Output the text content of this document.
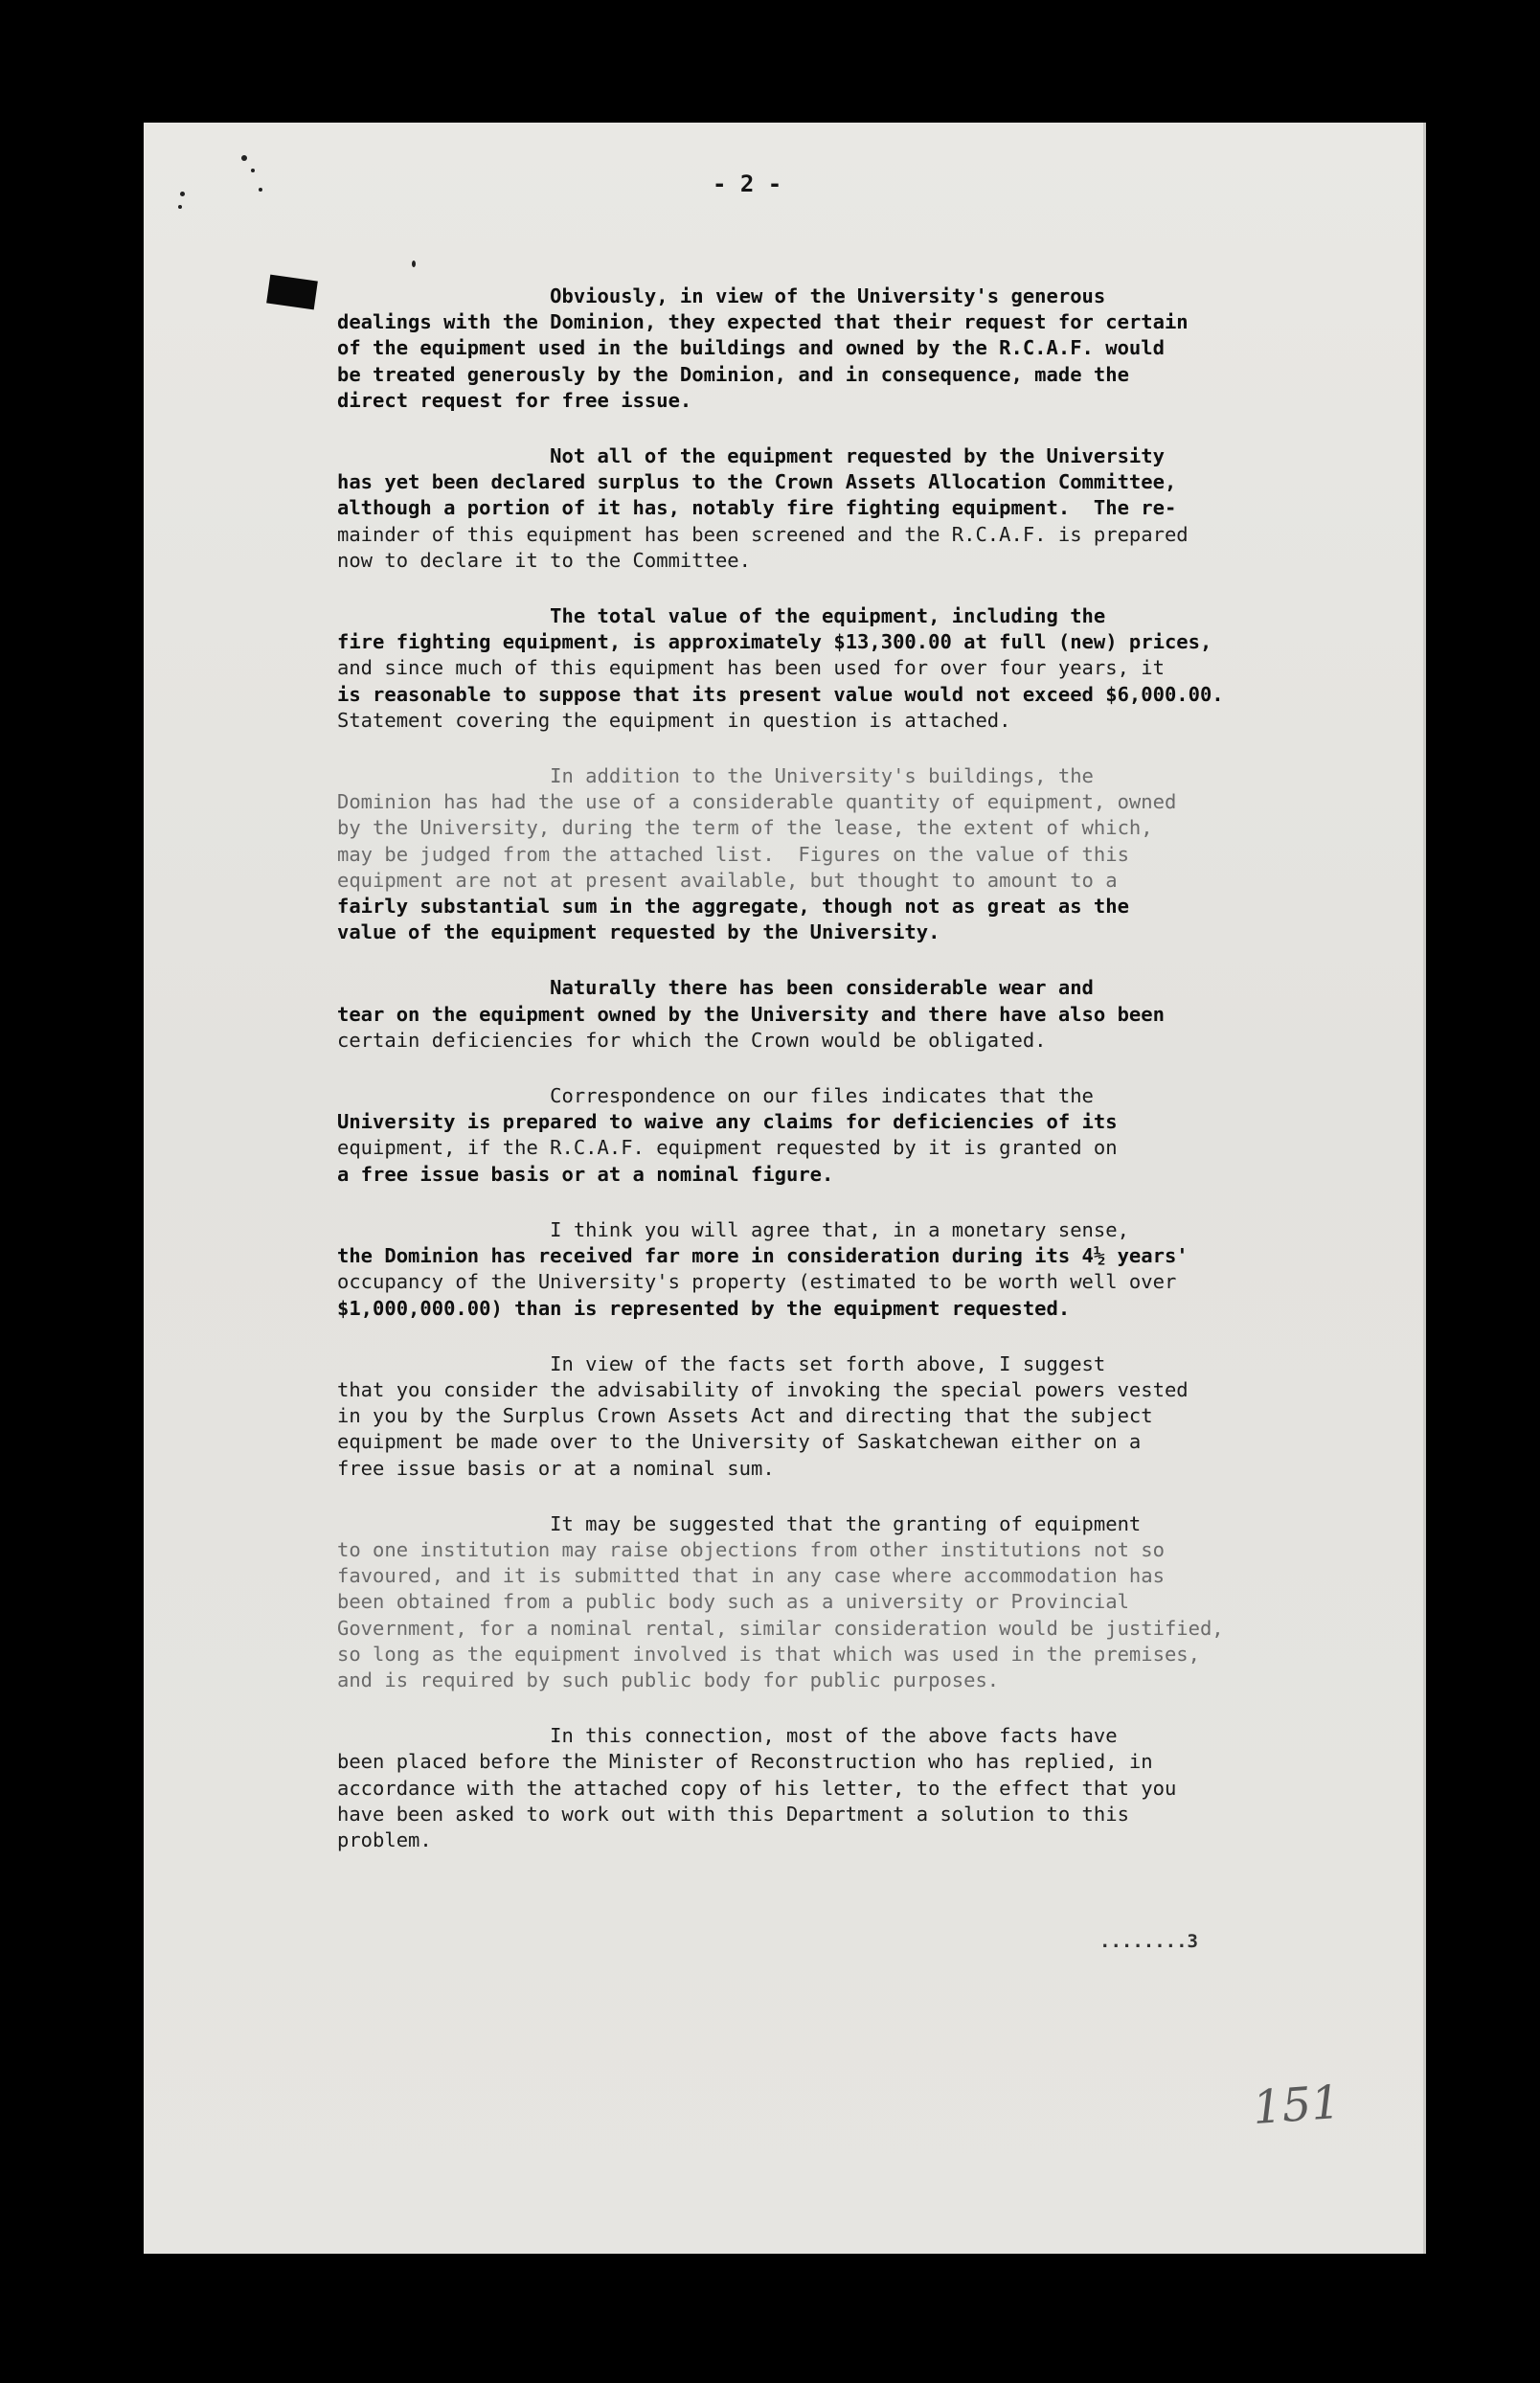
- 2 -
Obviously, in view of the University's generous
dealings with the Dominion, they expected that their request for certain
of the equipment used in the buildings and owned by the R.C.A.F. would
be treated generously by the Dominion, and in consequence, made the
direct request for free issue.
Not all of the equipment requested by the University
has yet been declared surplus to the Crown Assets Allocation Committee,
although a portion of it has, notably fire fighting equipment.  The re-
mainder of this equipment has been screened and the R.C.A.F. is prepared
now to declare it to the Committee.
The total value of the equipment, including the
fire fighting equipment, is approximately $13,300.00 at full (new) prices,
and since much of this equipment has been used for over four years, it
is reasonable to suppose that its present value would not exceed $6,000.00.
Statement covering the equipment in question is attached.
In addition to the University's buildings, the
Dominion has had the use of a considerable quantity of equipment, owned
by the University, during the term of the lease, the extent of which,
may be judged from the attached list.  Figures on the value of this
equipment are not at present available, but thought to amount to a
fairly substantial sum in the aggregate, though not as great as the
value of the equipment requested by the University.
Naturally there has been considerable wear and
tear on the equipment owned by the University and there have also been
certain deficiencies for which the Crown would be obligated.
Correspondence on our files indicates that the
University is prepared to waive any claims for deficiencies of its
equipment, if the R.C.A.F. equipment requested by it is granted on
a free issue basis or at a nominal figure.
I think you will agree that, in a monetary sense,
the Dominion has received far more in consideration during its 4½ years'
occupancy of the University's property (estimated to be worth well over
$1,000,000.00) than is represented by the equipment requested.
In view of the facts set forth above, I suggest
that you consider the advisability of invoking the special powers vested
in you by the Surplus Crown Assets Act and directing that the subject
equipment be made over to the University of Saskatchewan either on a
free issue basis or at a nominal sum.
It may be suggested that the granting of equipment
to one institution may raise objections from other institutions not so
favoured, and it is submitted that in any case where accommodation has
been obtained from a public body such as a university or Provincial
Government, for a nominal rental, similar consideration would be justified,
so long as the equipment involved is that which was used in the premises,
and is required by such public body for public purposes.
In this connection, most of the above facts have
been placed before the Minister of Reconstruction who has replied, in
accordance with the attached copy of his letter, to the effect that you
have been asked to work out with this Department a solution to this
problem.
........3
151
